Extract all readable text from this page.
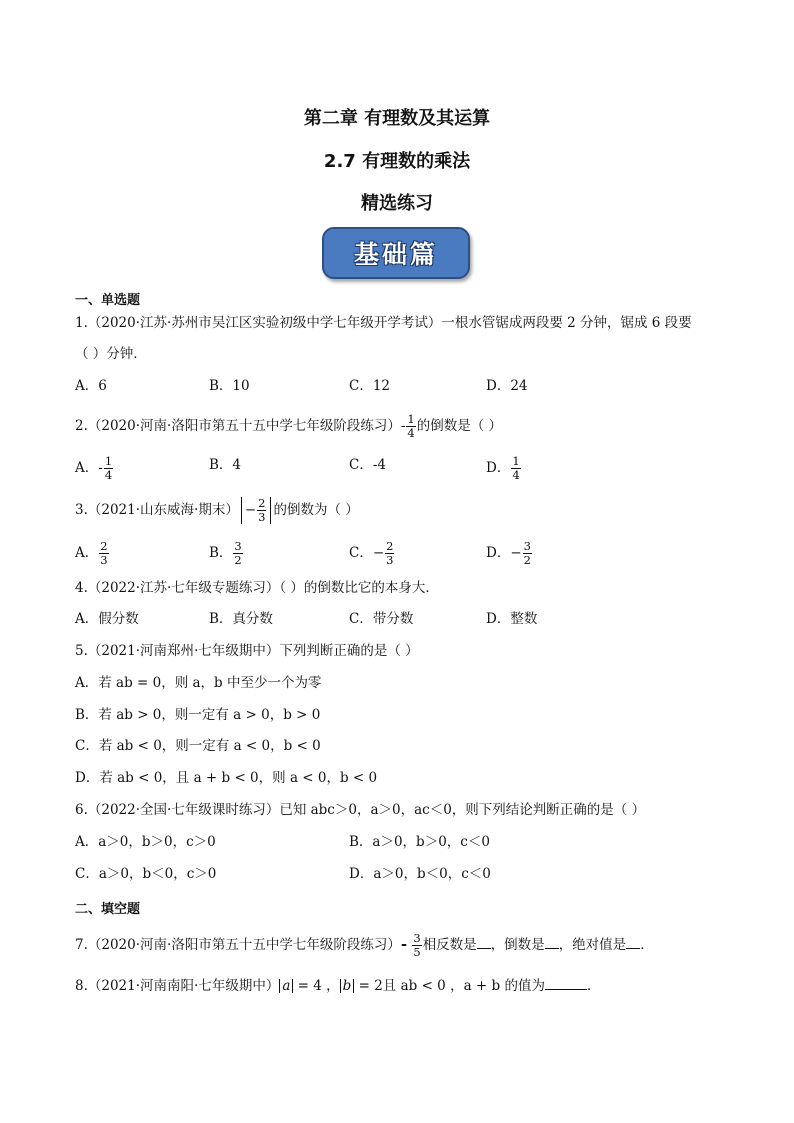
第二章 有理数及其运算
2.7 有理数的乘法
精选练习
基础篇
一、单选题
1.（2020·江苏·苏州市吴江区实验初级中学七年级开学考试）一根水管锯成两段要 2 分钟，锯成 6 段要
（ ）分钟．
A．6	B．10	C．12	D．24
2.（2020·河南·洛阳市第五十五中学七年级阶段练习）- $\frac{1}{4}$ 的倒数是（ ）
A．- $\frac{1}{4}$	B．4	C．-4	D． $\frac{1}{4}$
3.（2021·山东威海·期末） − $\frac{2}{3}$ 的倒数为（ ）
A． $\frac{2}{3}$	B． $\frac{3}{2}$	C．− $\frac{2}{3}$	D．− $\frac{3}{2}$
4.（2022·江苏·七年级专题练习）（ ）的倒数比它的本身大．
A．假分数	B．真分数	C．带分数	D．整数
5.（2021·河南郑州·七年级期中）下列判断正确的是（ ）
A．若 ab = 0，则 a，b 中至少一个为零
B．若 ab > 0，则一定有 a > 0，b > 0
C．若 ab < 0，则一定有 a < 0，b < 0
D．若 ab < 0，且 a + b < 0，则 a < 0，b < 0
6.（2022·全国·七年级课时练习）已知 abc＞0，a＞0，ac＜0，则下列结论判断正确的是（ ）
A．a＞0，b＞0，c＞0	B．a＞0，b＞0，c＜0
C．a＞0，b＜0，c＞0	D．a＞0，b＜0，c＜0
二、填空题
7.（2020·河南·洛阳市第五十五中学七年级阶段练习）- $\frac{3}{5}$ 相反数是 ，倒数是 ，绝对值是 ．
8.（2021·河南南阳·七年级期中） a = 4 ， b = 2且 ab < 0 ，a + b 的值为	．
